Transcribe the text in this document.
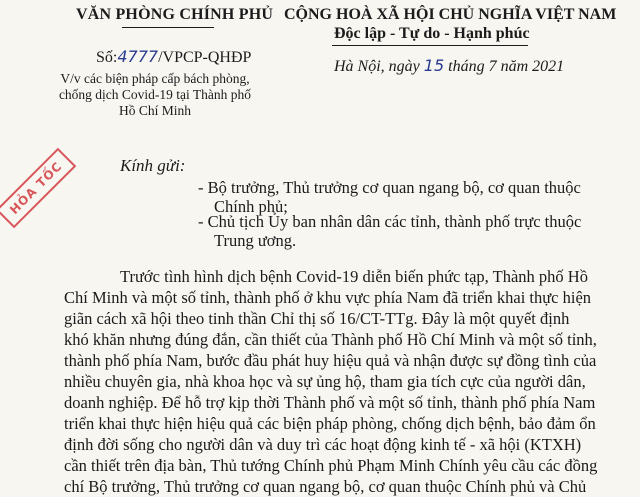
VĂN PHÒNG CHÍNH PHỦ
Số:4777/VPCP-QHĐP
V/v các biện pháp cấp bách phòng,
chống dịch Covid-19 tại Thành phố
Hồ Chí Minh
CỘNG HOÀ XÃ HỘI CHỦ NGHĨA VIỆT NAM
Độc lập - Tự do - Hạnh phúc
Hà Nội, ngày 15 tháng 7 năm 2021
HỎA TỐC	Kính gửi:
- Bộ trưởng, Thủ trưởng cơ quan ngang bộ, cơ quan thuộc
Chính phủ;
- Chủ tịch Ủy ban nhân dân các tỉnh, thành phố trực thuộc
Trung ương.
Trước tình hình dịch bệnh Covid-19 diễn biến phức tạp, Thành phố Hồ
Chí Minh và một số tỉnh, thành phố ở khu vực phía Nam đã triển khai thực hiện
giãn cách xã hội theo tinh thần Chỉ thị số 16/CT-TTg. Đây là một quyết định
khó khăn nhưng đúng đắn, cần thiết của Thành phố Hồ Chí Minh và một số tỉnh,
thành phố phía Nam, bước đầu phát huy hiệu quả và nhận được sự đồng tình của
nhiều chuyên gia, nhà khoa học và sự ủng hộ, tham gia tích cực của người dân,
doanh nghiệp. Để hỗ trợ kịp thời Thành phố và một số tỉnh, thành phố phía Nam
triển khai thực hiện hiệu quả các biện pháp phòng, chống dịch bệnh, bảo đảm ổn
định đời sống cho người dân và duy trì các hoạt động kinh tế - xã hội (KTXH)
cần thiết trên địa bàn, Thủ tướng Chính phủ Phạm Minh Chính yêu cầu các đồng
chí Bộ trưởng, Thủ trưởng cơ quan ngang bộ, cơ quan thuộc Chính phủ và Chủ
